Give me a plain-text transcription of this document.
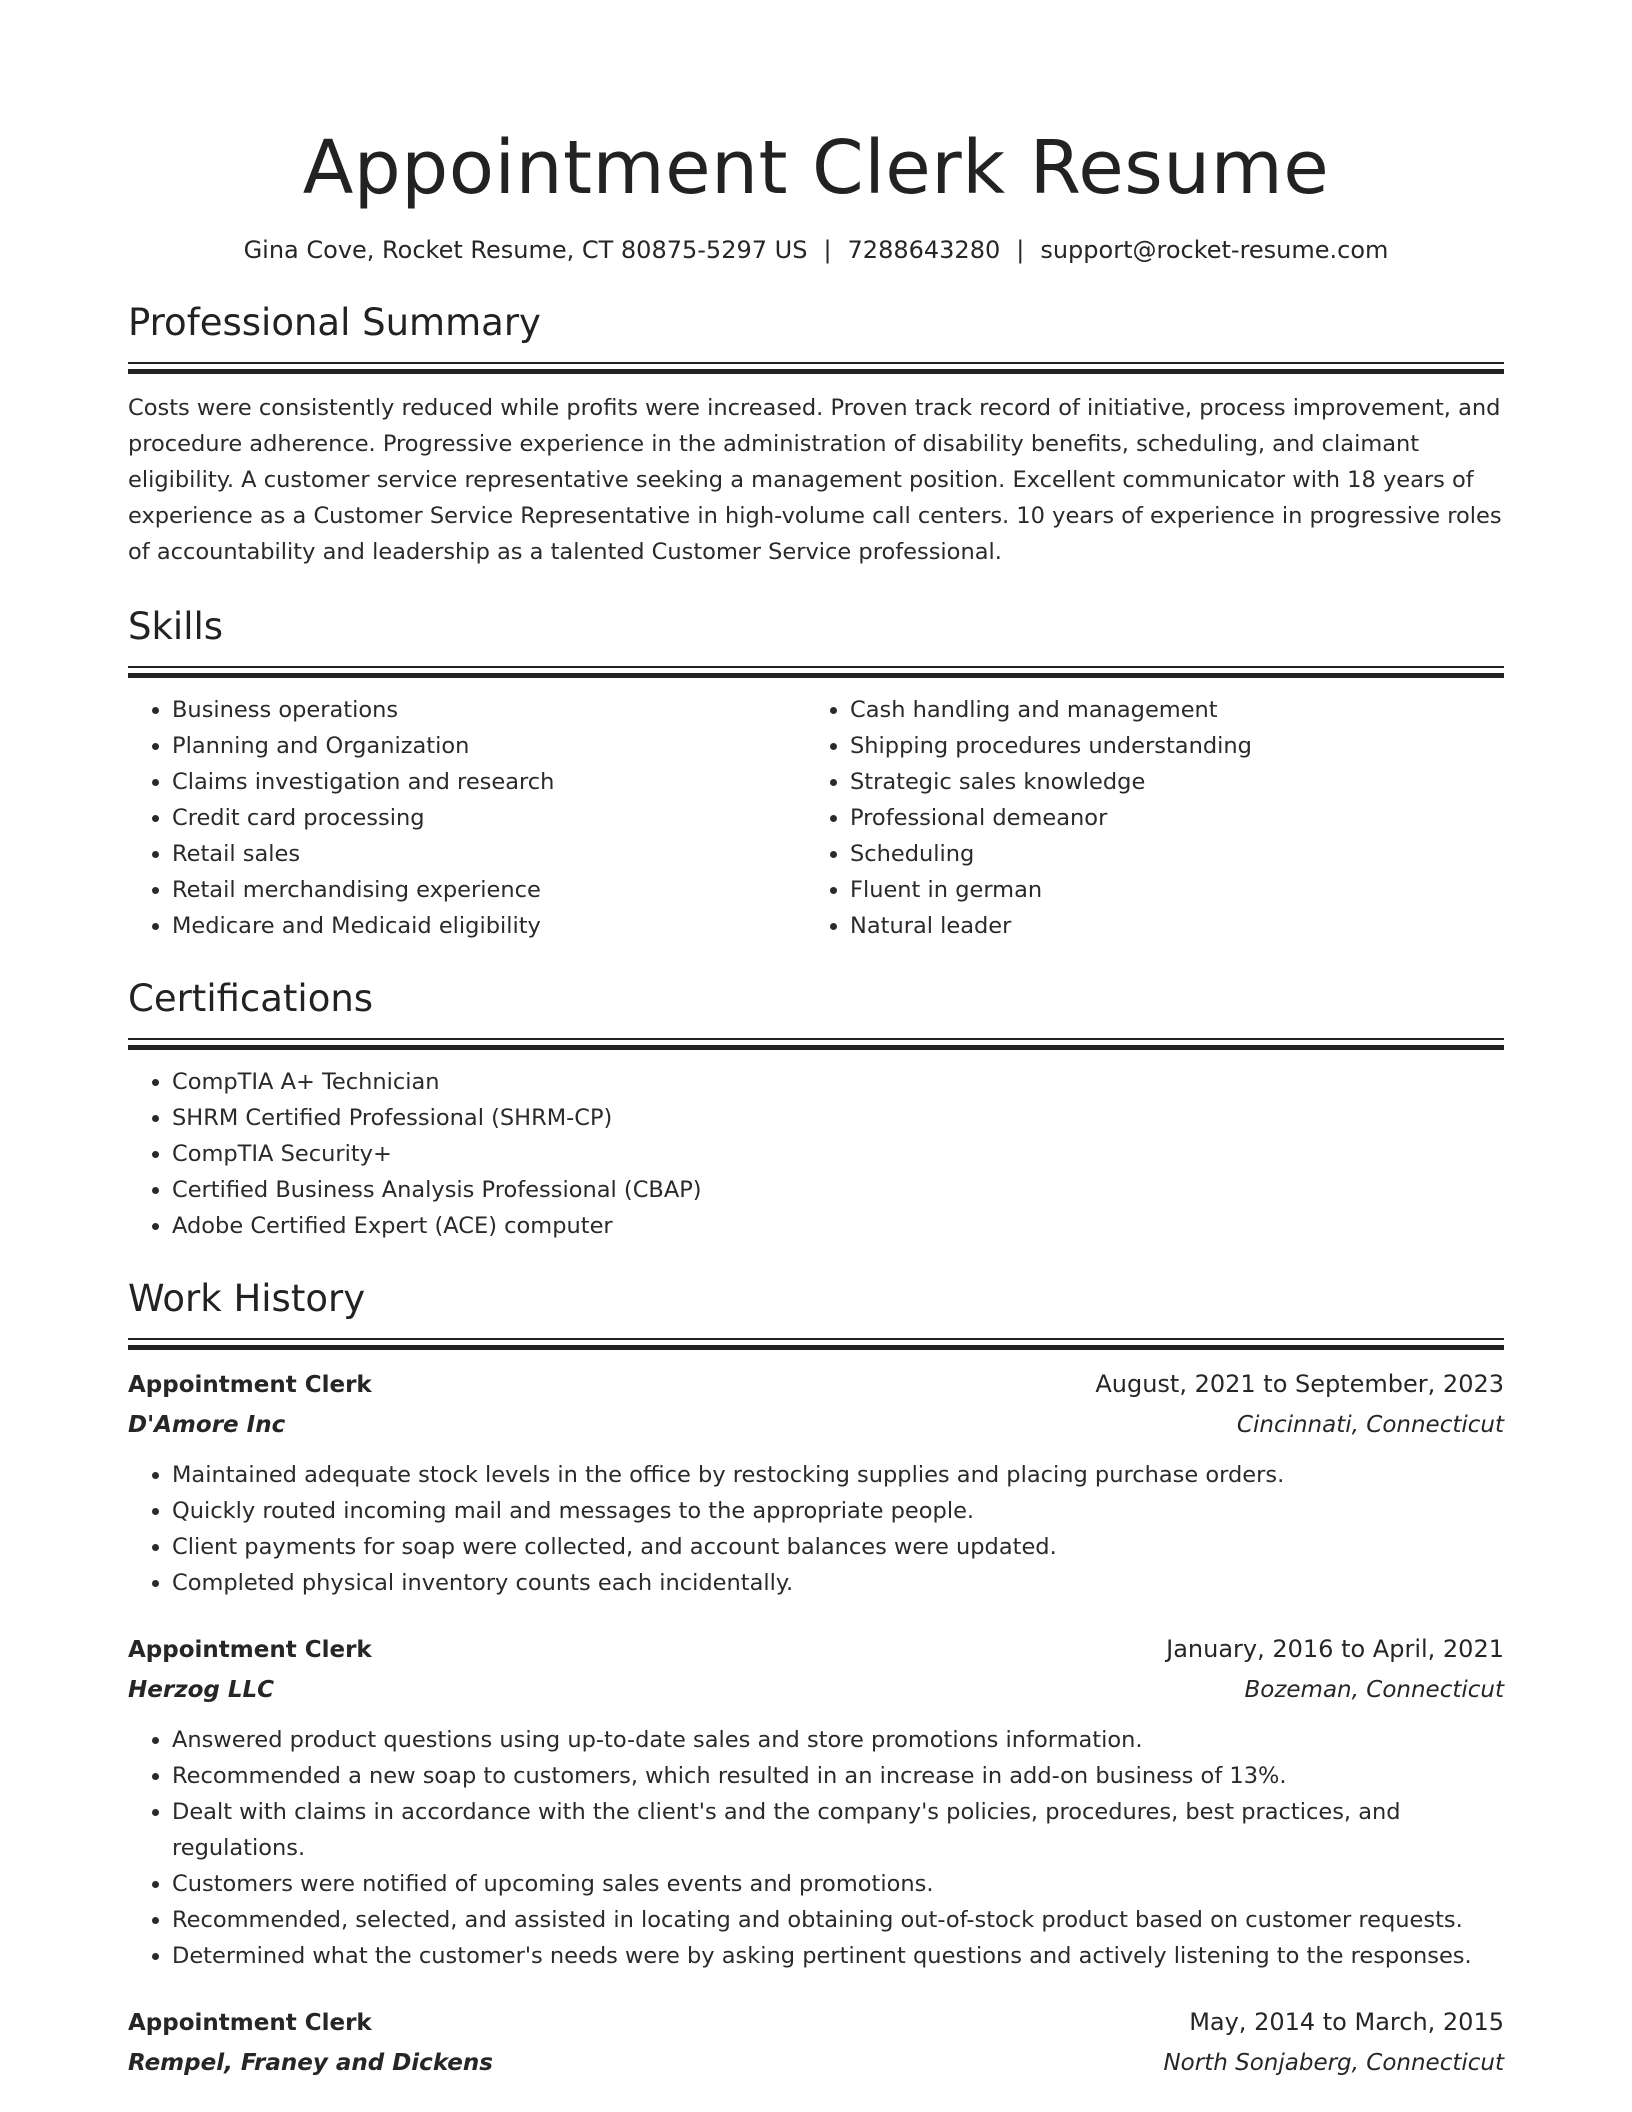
Appointment Clerk Resume
Gina Cove, Rocket Resume, CT 80875-5297 US | 7288643280 | support@rocket-resume.com
Professional Summary
Costs were consistently reduced while profits were increased. Proven track record of initiative, process improvement, and procedure adherence. Progressive experience in the administration of disability benefits, scheduling, and claimant eligibility. A customer service representative seeking a management position. Excellent communicator with 18 years of experience as a Customer Service Representative in high-volume call centers. 10 years of experience in progressive roles of accountability and leadership as a talented Customer Service professional.
Skills
• Business operations
• Planning and Organization
• Claims investigation and research
• Credit card processing
• Retail sales
• Retail merchandising experience
• Medicare and Medicaid eligibility
• Cash handling and management
• Shipping procedures understanding
• Strategic sales knowledge
• Professional demeanor
• Scheduling
• Fluent in german
• Natural leader
Certifications
• CompTIA A+ Technician
• SHRM Certified Professional (SHRM-CP)
• CompTIA Security+
• Certified Business Analysis Professional (CBAP)
• Adobe Certified Expert (ACE) computer
Work History
Appointment Clerk	August, 2021 to September, 2023
D'Amore Inc	Cincinnati, Connecticut
• Maintained adequate stock levels in the office by restocking supplies and placing purchase orders.
• Quickly routed incoming mail and messages to the appropriate people.
• Client payments for soap were collected, and account balances were updated.
• Completed physical inventory counts each incidentally.
Appointment Clerk	January, 2016 to April, 2021
Herzog LLC	Bozeman, Connecticut
• Answered product questions using up-to-date sales and store promotions information.
• Recommended a new soap to customers, which resulted in an increase in add-on business of 13%.
• Dealt with claims in accordance with the client's and the company's policies, procedures, best practices, and regulations.
• Customers were notified of upcoming sales events and promotions.
• Recommended, selected, and assisted in locating and obtaining out-of-stock product based on customer requests.
• Determined what the customer's needs were by asking pertinent questions and actively listening to the responses.
Appointment Clerk	May, 2014 to March, 2015
Rempel, Franey and Dickens	North Sonjaberg, Connecticut
